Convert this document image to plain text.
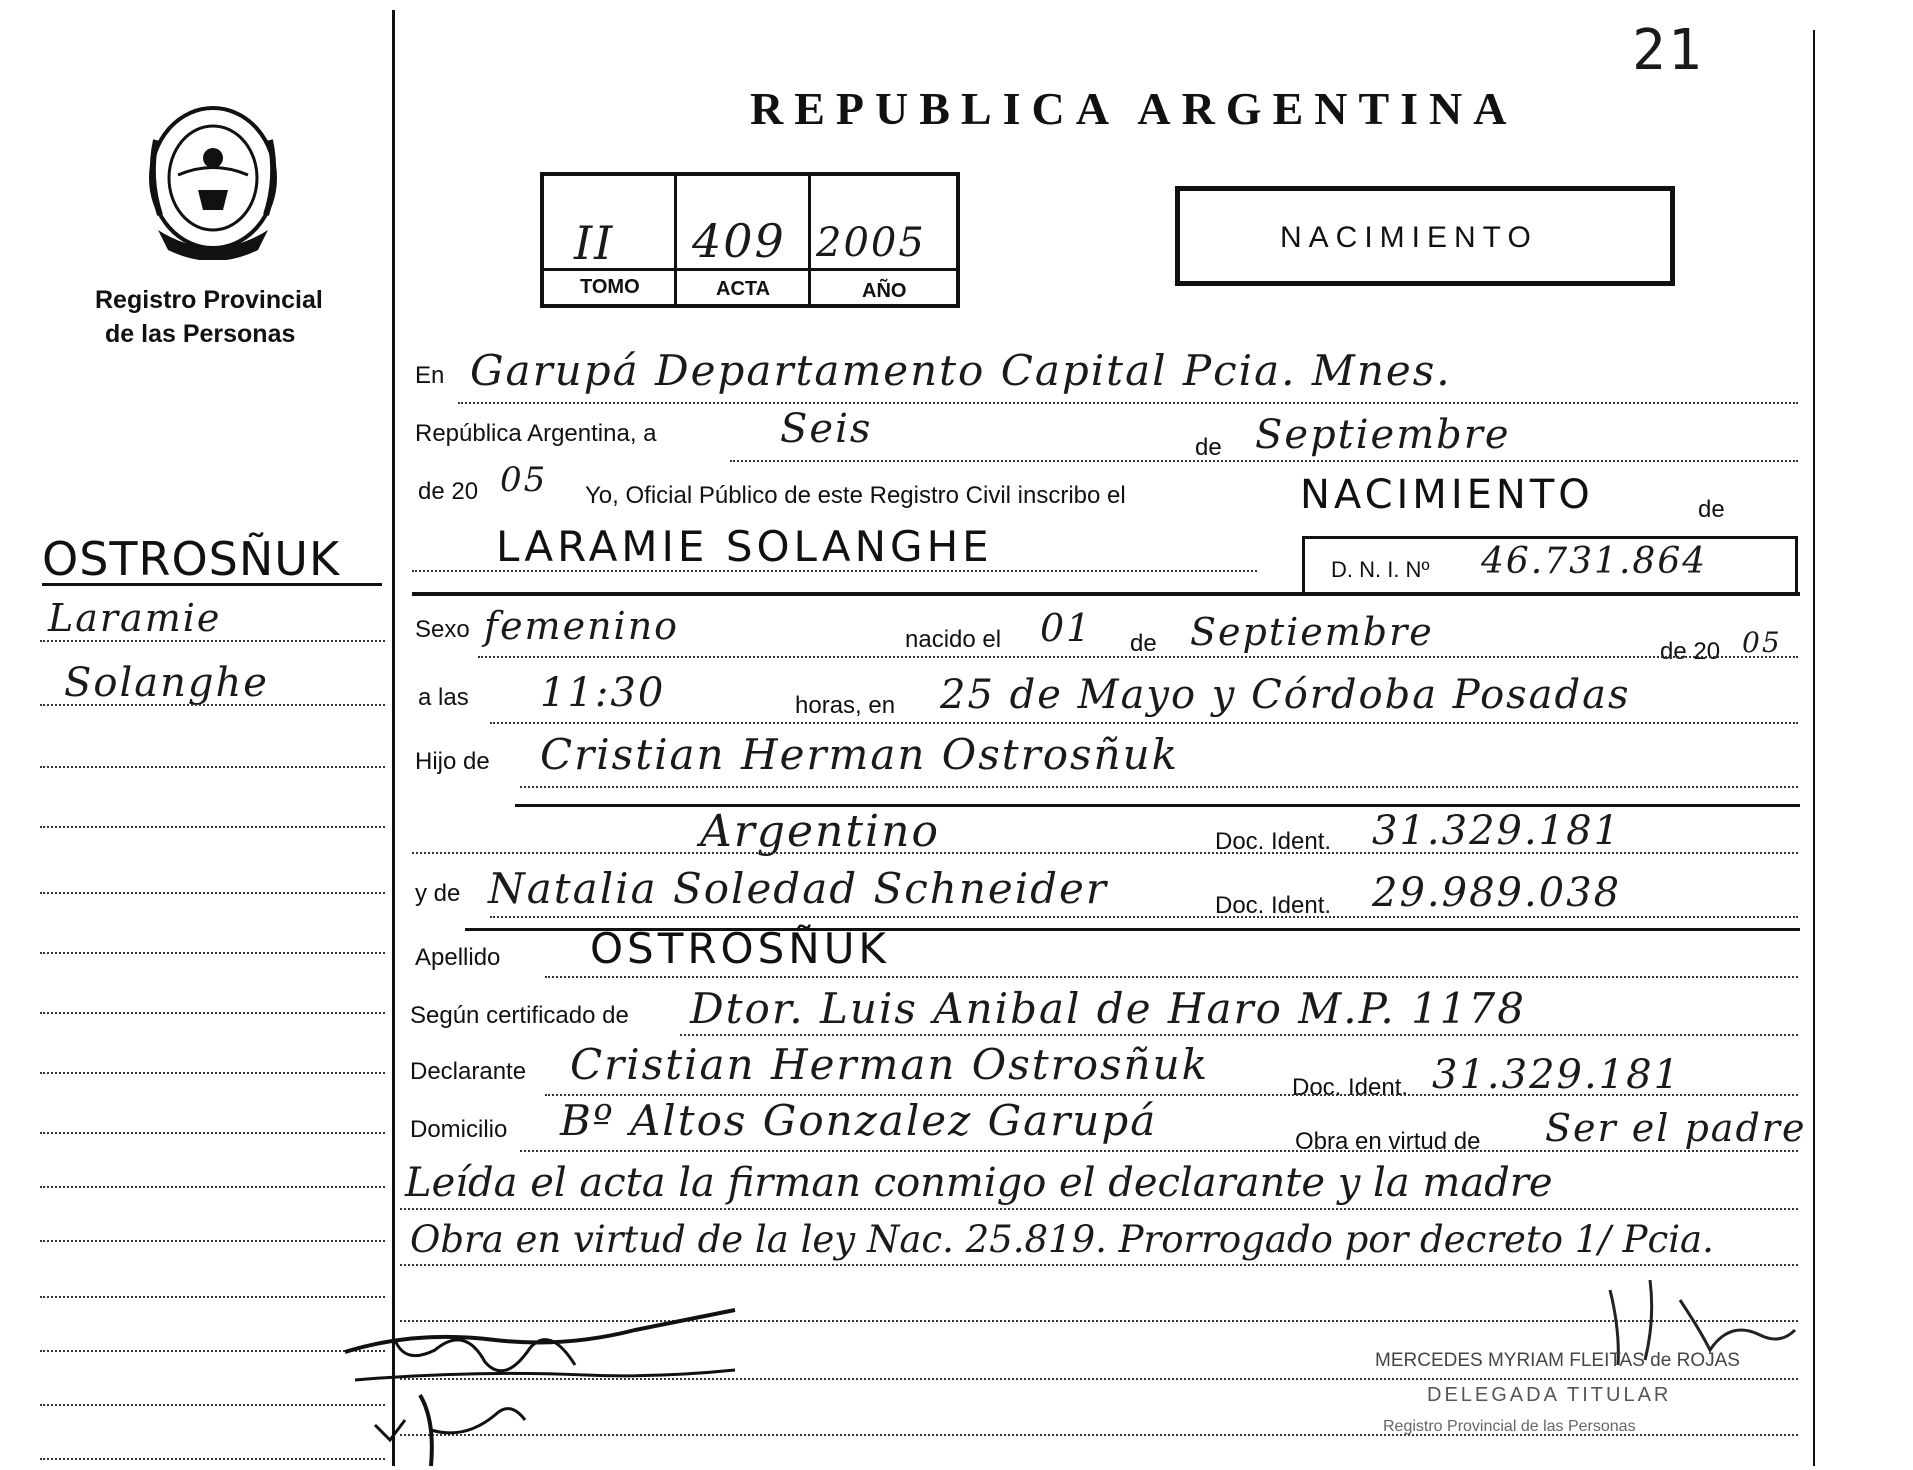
21
Registro Provincial
de las Personas
REPUBLICA ARGENTINA
II 409 2005
TOMO	ACTA	AÑO
NACIMIENTO
OSTROSÑUK
Laramie
Solanghe
En Garupá Departamento Capital Pcia. Mnes.
República Argentina, a	Seis	de Septiembre
de 20 05 Yo, Oficial Público de este Registro Civil inscribo el	NACIMIENTO	de
LARAMIE SOLANGHE	D. N. I. Nº 46.731.864
Sexo femenino	nacido el 01 de Septiembre	de 20 05
a las 11:30	horas, en 25 de Mayo y Córdoba Posadas
Hijo de Cristian Herman Ostrosñuk
Argentino	Doc. Ident. 31.329.181
y de Natalia Soledad Schneider	Doc. Ident. 29.989.038
Apellido OSTROSÑUK
Según certificado de Dtor. Luis Anibal de Haro M.P. 1178
Declarante Cristian Herman Ostrosñuk	Doc. Ident. 31.329.181
Domicilio Bº Altos Gonzalez Garupá	Obra en virtud de Ser el padre
Leída el acta la firman conmigo el declarante y la madre
Obra en virtud de la ley Nac. 25.819. Prorrogado por decreto 1/ Pcia.
MERCEDES MYRIAM FLEITAS de ROJAS
DELEGADA TITULAR
Registro Provincial de las Personas
